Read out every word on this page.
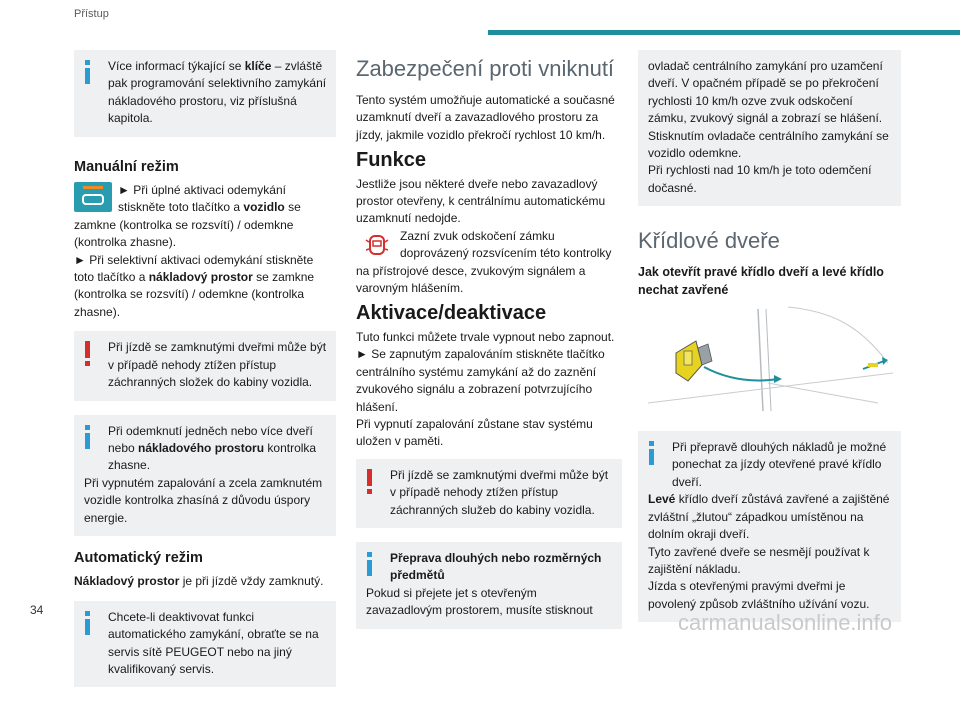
Přístup

Více informací týkající se klíče – zvláště pak programování selektivního zamykání nákladového prostoru, viz příslušná kapitola.

Manuální režim

► Při úplné aktivaci odemykání stiskněte toto tlačítko a vozidlo se zamkne (kontrolka se rozsvítí) / odemkne (kontrolka zhasne).

► Při selektivní aktivaci odemykání stiskněte toto tlačítko a nákladový prostor se zamkne (kontrolka se rozsvítí) / odemkne (kontrolka zhasne).

Při jízdě se zamknutými dveřmi může být v případě nehody ztížen přístup záchranných složek do kabiny vozidla.

Při odemknutí jedněch nebo více dveří nebo nákladového prostoru kontrolka zhasne.

Při vypnutém zapalování a zcela zamknutém vozidle kontrolka zhasíná z důvodu úspory energie.

Automatický režim

Nákladový prostor je při jízdě vždy zamknutý.

Chcete-li deaktivovat funkci automatického zamykání, obraťte se na servis sítě PEUGEOT nebo na jiný kvalifikovaný servis.

Zabezpečení proti vniknutí

Tento systém umožňuje automatické a současné uzamknutí dveří a zavazadlového prostoru za jízdy, jakmile vozidlo překročí rychlost 10 km/h.

Funkce

Jestliže jsou některé dveře nebo zavazadlový prostor otevřeny, k centrálnímu automatickému uzamknutí nedojde.

Zazní zvuk odskočení zámku doprovázený rozsvícením této kontrolky na přístrojové desce, zvukovým signálem a varovným hlášením.

Aktivace/deaktivace

Tuto funkci můžete trvale vypnout nebo zapnout.

► Se zapnutým zapalováním stiskněte tlačítko centrálního systému zamykání až do zaznění zvukového signálu a zobrazení potvrzujícího hlášení.

Při vypnutí zapalování zůstane stav systému uložen v paměti.

Při jízdě se zamknutými dveřmi může být v případě nehody ztížen přístup záchranných služeb do kabiny vozidla.

Přeprava dlouhých nebo rozměrných předmětů

Pokud si přejete jet s otevřeným zavazadlovým prostorem, musíte stisknout

ovladač centrálního zamykání pro uzamčení dveří. V opačném případě se po překročení rychlosti 10 km/h ozve zvuk odskočení zámku, zvukový signál a zobrazí se hlášení.

Stisknutím ovladače centrálního zamykání se vozidlo odemkne.

Při rychlosti nad 10 km/h je toto odemčení dočasné.

Křídlové dveře

Jak otevřít pravé křídlo dveří a levé křídlo nechat zavřené

Při přepravě dlouhých nákladů je možné ponechat za jízdy otevřené pravé křídlo dveří.

Levé křídlo dveří zůstává zavřené a zajištěné zvláštní „žlutou“ západkou umístěnou na dolním okraji dveří.

Tyto zavřené dveře se nesmějí používat k zajištění nákladu.

Jízda s otevřenými pravými dveřmi je povolený způsob zvláštního užívání vozu.

34	carmanualsonline.info
